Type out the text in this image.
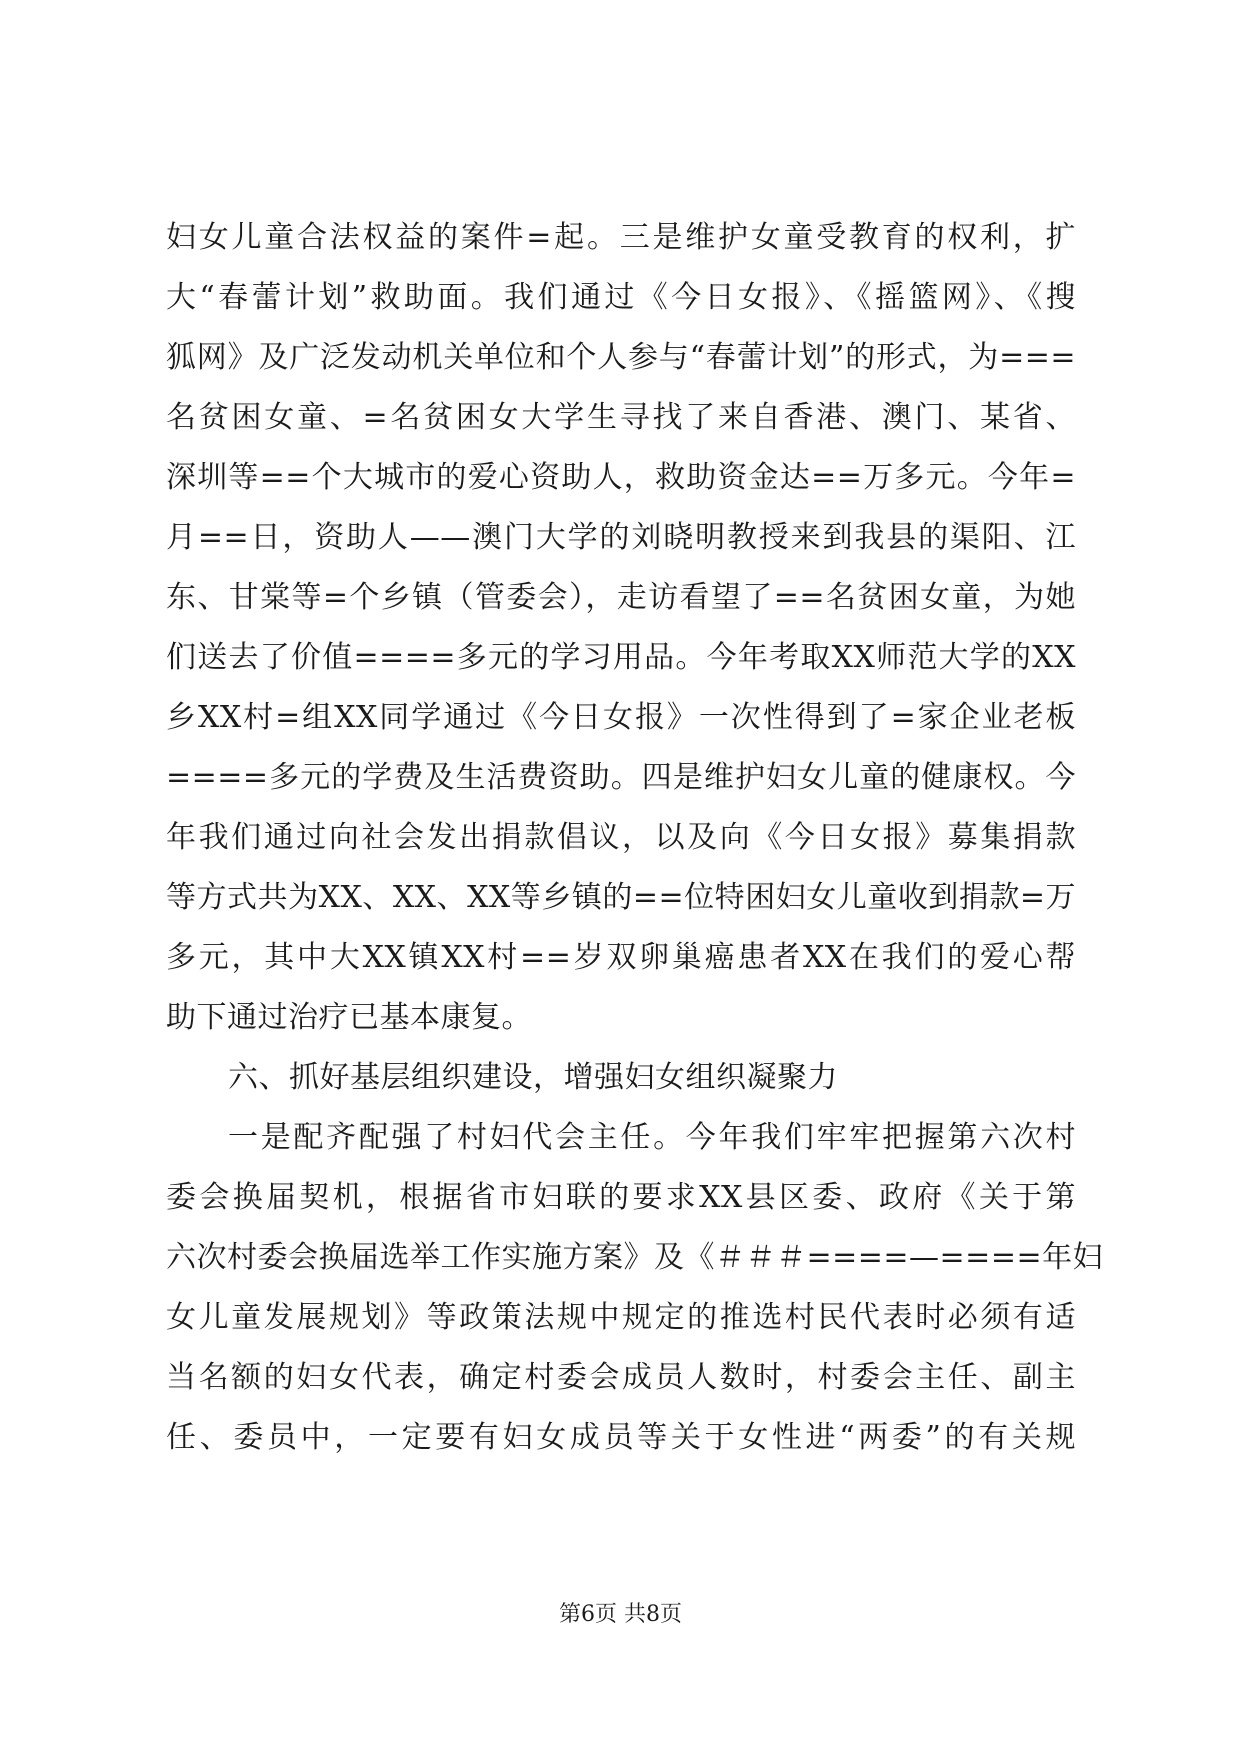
妇女儿童合法权益的案件=起。三是维护女童受教育的权利，扩
大“春蕾计划”救助面。我们通过《今日女报》、《摇篮网》、《搜
狐网》及广泛发动机关单位和个人参与“春蕾计划”的形式，为===
名贫困女童、=名贫困女大学生寻找了来自香港、澳门、某省、
深圳等==个大城市的爱心资助人，救助资金达==万多元。今年=
月==日，资助人——澳门大学的刘晓明教授来到我县的渠阳、江
东、甘棠等=个乡镇（管委会），走访看望了==名贫困女童，为她
们送去了价值====多元的学习用品。今年考取XX师范大学的XX
乡XX村=组XX同学通过《今日女报》一次性得到了=家企业老板
====多元的学费及生活费资助。四是维护妇女儿童的健康权。今
年我们通过向社会发出捐款倡议，以及向《今日女报》募集捐款
等方式共为XX、XX、XX等乡镇的==位特困妇女儿童收到捐款=万
多元，其中大XX镇XX村==岁双卵巢癌患者XX在我们的爱心帮
助下通过治疗已基本康复。
六、抓好基层组织建设，增强妇女组织凝聚力
一是配齐配强了村妇代会主任。今年我们牢牢把握第六次村
委会换届契机，根据省市妇联的要求XX县区委、政府《关于第
六次村委会换届选举工作实施方案》及《＃＃＃====—====年妇
女儿童发展规划》等政策法规中规定的推选村民代表时必须有适
当名额的妇女代表，确定村委会成员人数时，村委会主任、副主
任、委员中，一定要有妇女成员等关于女性进“两委”的有关规
第6页 共8页
